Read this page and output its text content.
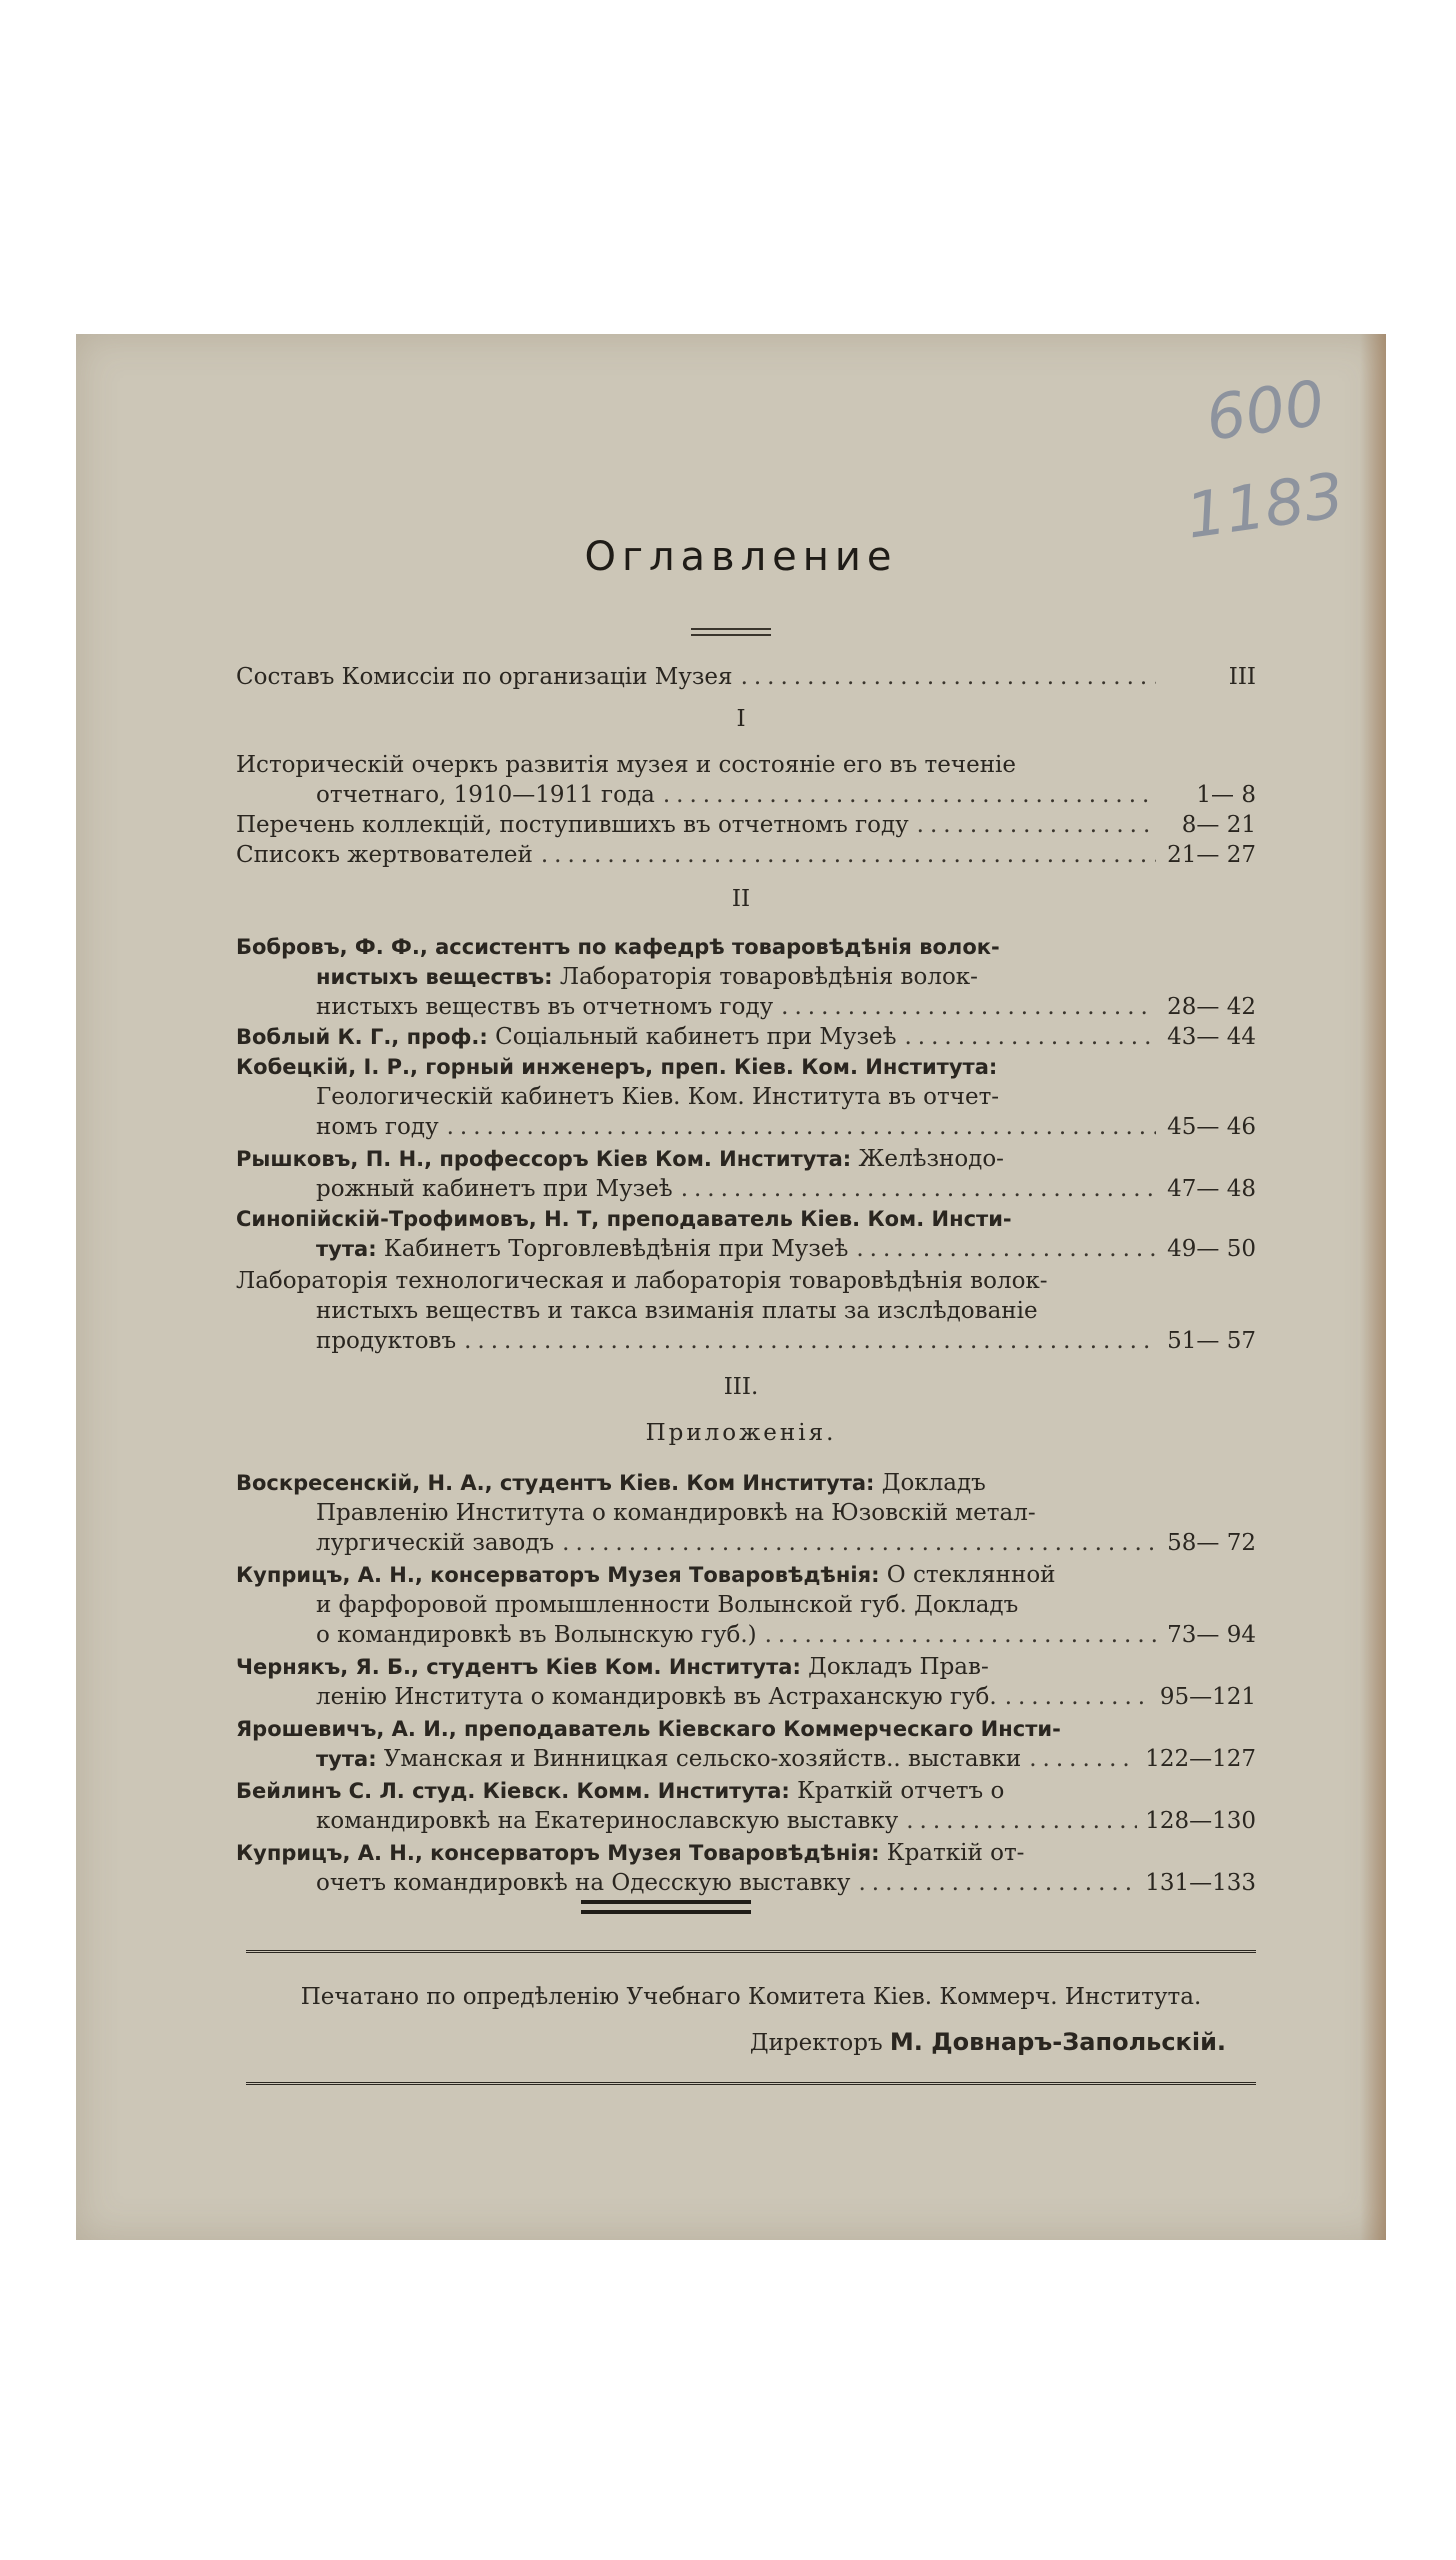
600
1183
Оглавление
Составъ Комиссіи по организаціи Музея .....	III
I
Историческій очеркъ развитія музея и состояніе его въ теченіе
отчетнаго, 1910—1911 года .....	1— 8
Перечень коллекцій, поступившихъ въ отчетномъ году .....	8— 21
Списокъ жертвователей .....	21— 27
II
Бобровъ, Ф. Ф., ассистентъ по кафедрѣ товаровѣдѣнія волок-
нистыхъ веществъ: Лабораторія товаровѣдѣнія волок-
нистыхъ веществъ въ отчетномъ году .....	28— 42
Воблый К. Г., проф.: Соціальный кабинетъ при Музеѣ .....	43— 44
Кобецкій, І. Р., горный инженеръ, преп. Кіев. Ком. Института:
Геологическій кабинетъ Кіев. Ком. Института въ отчет-
номъ году .....	45— 46
Рышковъ, П. Н., профессоръ Кіев Ком. Института: Желѣзнодо-
рожный кабинетъ при Музеѣ .....	47— 48
Синопійскій-Трофимовъ, Н. Т, преподаватель Кіев. Ком. Инсти-
тута: Кабинетъ Торговлевѣдѣнія при Музеѣ .....	49— 50
Лабораторія технологическая и лабораторія товаровѣдѣнія волок-
нистыхъ веществъ и такса взиманія платы за изслѣдованіе
продуктовъ .....	51— 57
III.
Приложенія.
Воскресенскій, Н. А., студентъ Кіев. Ком Института: Докладъ
Правленію Института о командировкѣ на Юзовскій метал-
лургическій заводъ .....	58— 72
Куприцъ, А. Н., консерваторъ Музея Товаровѣдѣнія: О стеклянной
и фарфоровой промышленности Волынской губ. Докладъ
о командировкѣ въ Волынскую губ.) .....	73— 94
Чернякъ, Я. Б., студентъ Кіев Ком. Института: Докладъ Прав-
ленію Института о командировкѣ въ Астраханскую губ. .....	95—121
Ярошевичъ, А. И., преподаватель Кіевскаго Коммерческаго Инсти-
тута: Уманская и Винницкая сельско-хозяйств.. выставки .....	122—127
Бейлинъ С. Л. студ. Кіевск. Комм. Института: Краткій отчетъ о
командировкѣ на Екатеринославскую выставку .....	128—130
Куприцъ, А. Н., консерваторъ Музея Товаровѣдѣнія: Краткій от-
очетъ командировкѣ на Одесскую выставку .....	131—133
Печатано по опредѣленію Учебнаго Комитета Кіев. Коммерч. Института.
Директоръ М. Довнаръ-Запольскій.
